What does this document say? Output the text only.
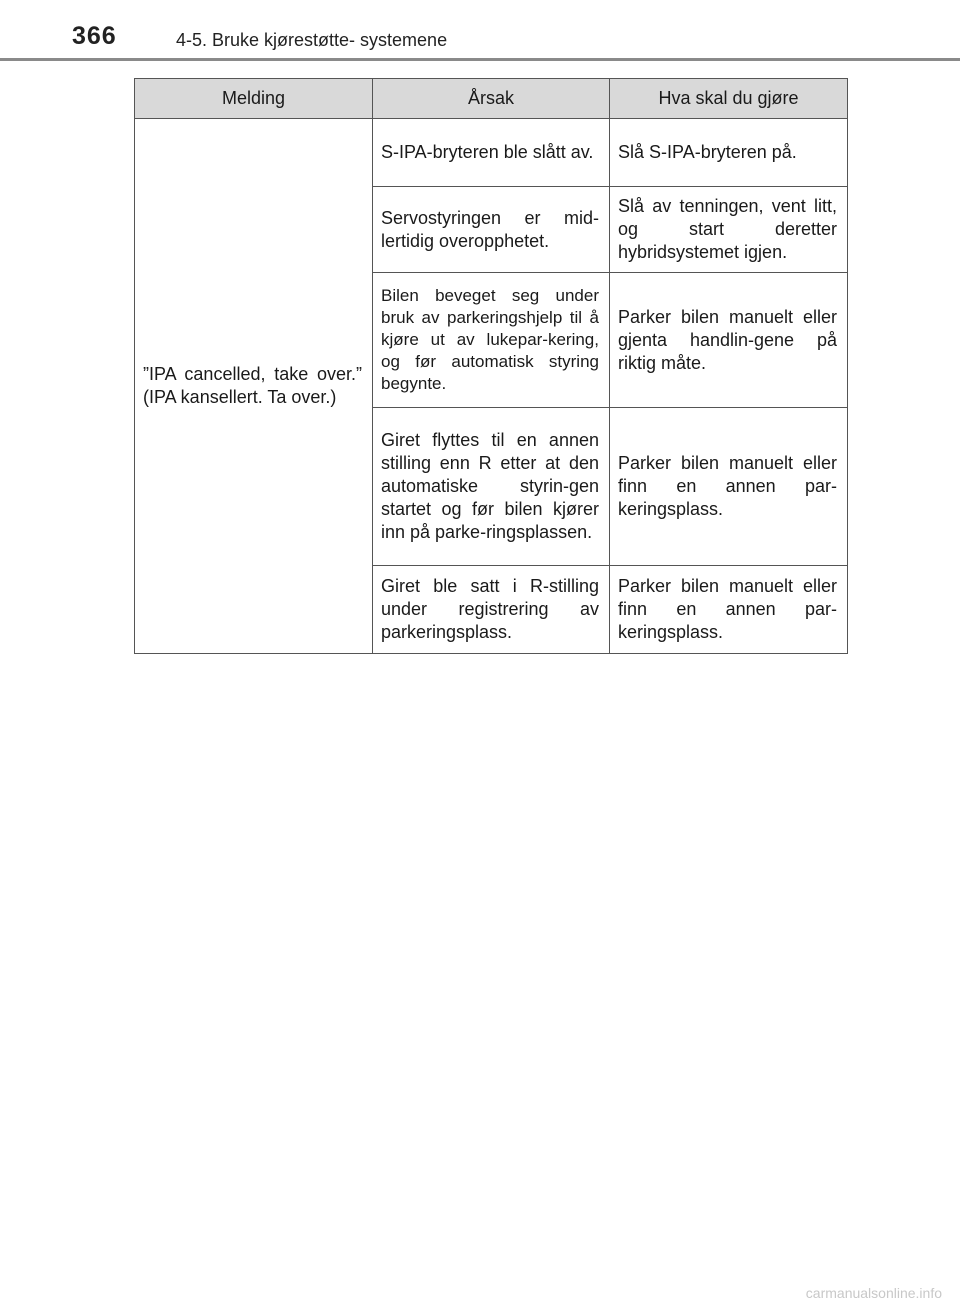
366	4-5. Bruke kjørestøtte- systemene
Melding	Årsak	Hva skal du gjøre
”IPA cancelled, take over.” (IPA kansellert. Ta over.)	S-IPA-bryteren ble slått av.	Slå S-IPA-bryteren på.
	Servostyringen er mid-lertidig overopphetet.	Slå av tenningen, vent litt, og start deretter hybridsystemet igjen.
	Bilen beveget seg under bruk av parkeringshjelp til å kjøre ut av lukepar-kering, og før automatisk styring begynte.	Parker bilen manuelt eller gjenta handlin-gene på riktig måte.
	Giret flyttes til en annen stilling enn R etter at den automatiske styrin-gen startet og før bilen kjører inn på parke-ringsplassen.	Parker bilen manuelt eller finn en annen par-keringsplass.
	Giret ble satt i R-stilling under registrering av parkeringsplass.	Parker bilen manuelt eller finn en annen par-keringsplass.
carmanualsonline.info
